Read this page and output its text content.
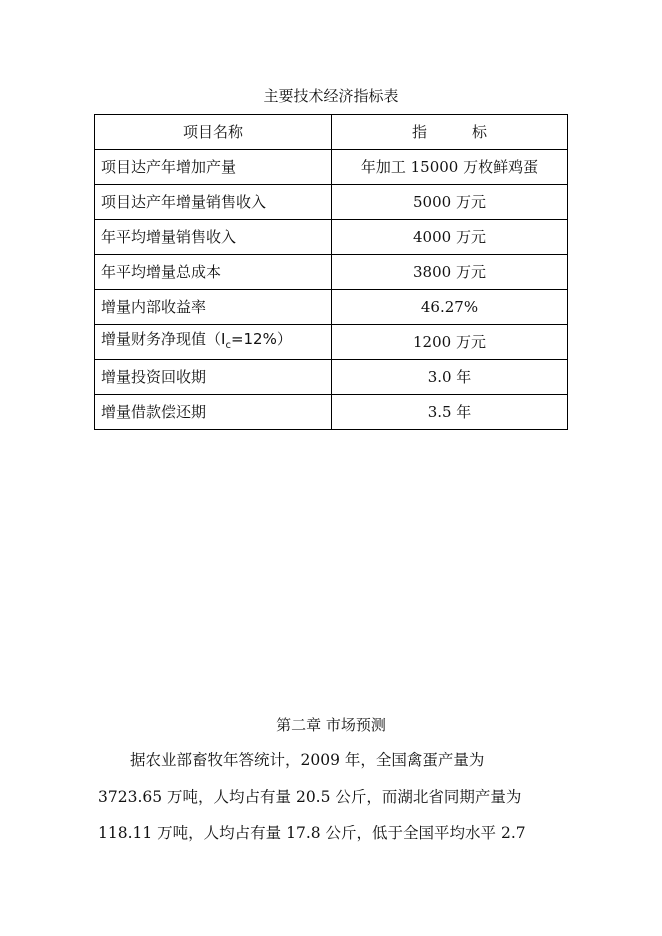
主要技术经济指标表
项目名称	指　　　标
项目达产年增加产量	年加工 15000 万枚鲜鸡蛋
项目达产年增量销售收入	5000 万元
年平均增量销售收入	4000 万元
年平均增量总成本	3800 万元
增量内部收益率	46.27%
增量财务净现值$(I_c=12\%)$	1200 万元
增量投资回收期	3.0 年
增量借款偿还期	3.5 年
第二章 市场预测
据农业部畜牧年答统计，2009 年，全国禽蛋产量为
3723.65 万吨，人均占有量 20.5 公斤，而湖北省同期产量为
118.11 万吨，人均占有量 17.8 公斤，低于全国平均水平 2.7
